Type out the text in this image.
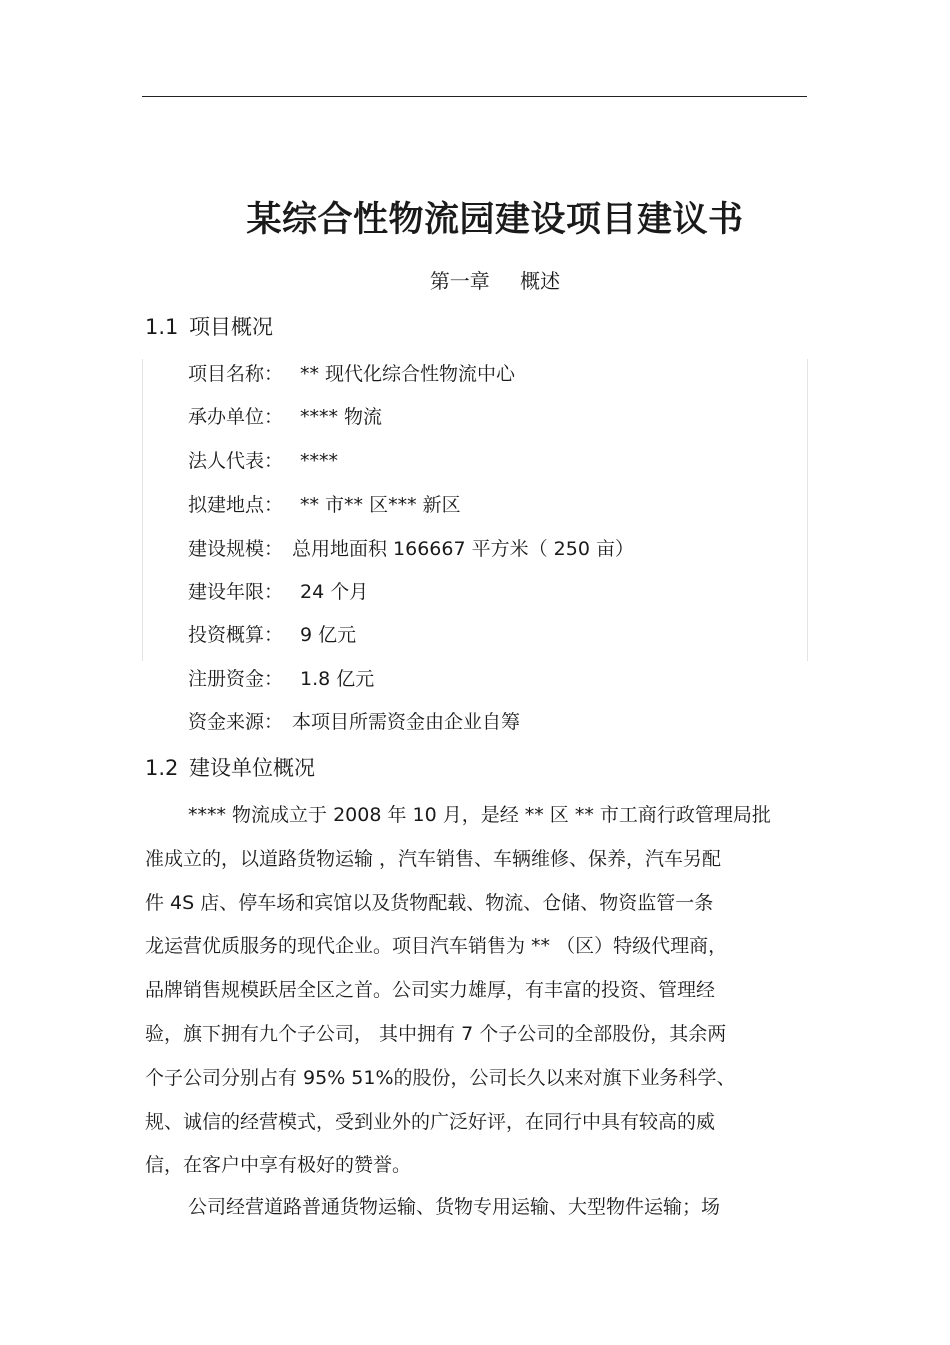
某综合性物流园建设项目建议书
第一章 概述
1.1 项目概况
项目名称： ** 现代化综合性物流中心
承办单位： **** 物流
法人代表： ****
拟建地点： ** 市** 区*** 新区
建设规模： 总用地面积 166667 平方米（ 250 亩）
建设年限： 24 个月
投资概算： 9 亿元
注册资金： 1.8 亿元
资金来源： 本项目所需资金由企业自筹
1.2 建设单位概况
**** 物流成立于 2008 年 10 月，是经 ** 区 ** 市工商行政管理局批
准成立的，以道路货物运输 ，汽车销售、车辆维修、保养，汽车另配
件 4S 店、停车场和宾馆以及货物配载、物流、仓储、物资监管一条
龙运营优质服务的现代企业。项目汽车销售为 ** （区）特级代理商，
品牌销售规模跃居全区之首。公司实力雄厚，有丰富的投资、管理经
验，旗下拥有九个子公司， 其中拥有 7 个子公司的全部股份，其余两
个子公司分别占有 95% 51%的股份，公司长久以来对旗下业务科学、
规、诚信的经营模式，受到业外的广泛好评，在同行中具有较高的威
信，在客户中享有极好的赞誉。
公司经营道路普通货物运输、货物专用运输、大型物件运输；场
